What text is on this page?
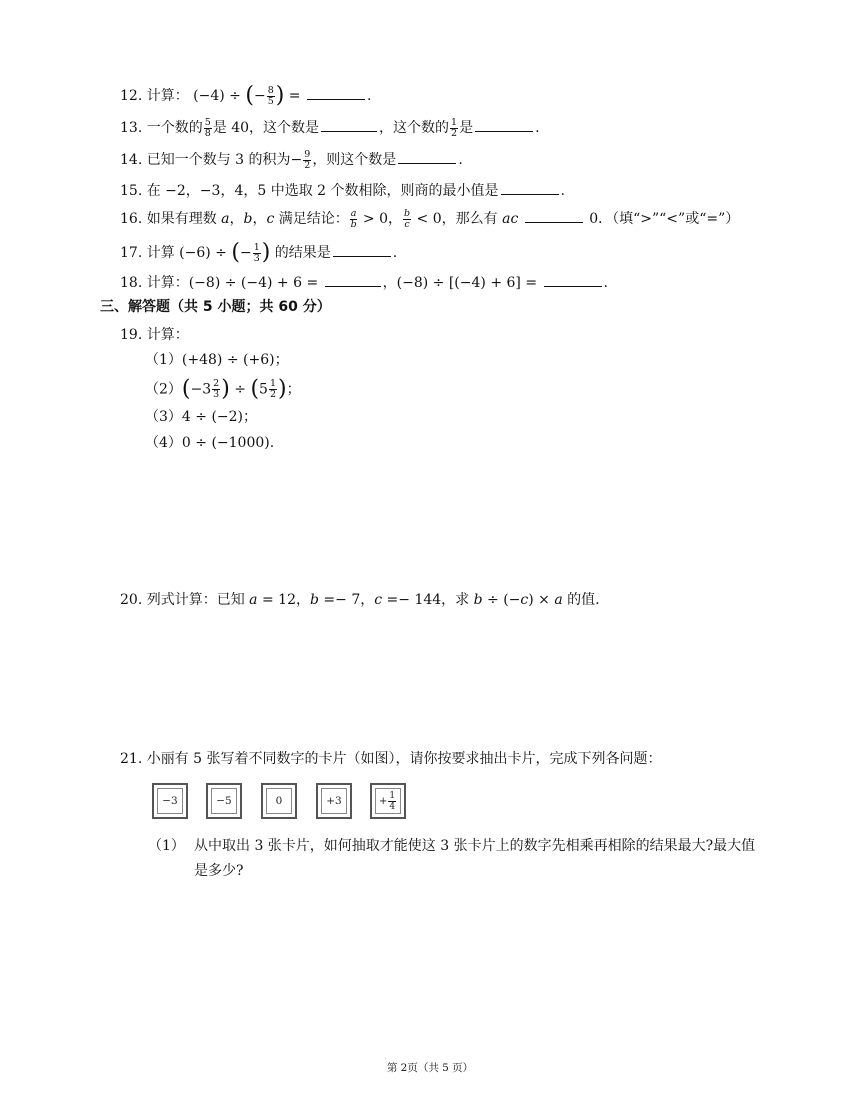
12. 计算： (−4) ÷ (− $\frac{8}{5}$ ) =	.
13. 一个数的 $\frac{5}{8}$ 是 40，这个数是	，这个数的 $\frac{1}{2}$ 是	.
14. 已知一个数与 3 的积为− $\frac{9}{2}$ ，则这个数是	.
15. 在 −2，−3，4，5 中选取 2 个数相除，则商的最小值是	.
16. 如果有理数 a，b，c 满足结论： $\frac{a}{b} > 0$， $\frac{b}{c} < 0$，那么有 ac	0．（填“>”“<”或“=”）
17. 计算 (−6) ÷ (− $\frac{1}{3}$ ) 的结果是	.
18. 计算：(−8) ÷ (−4) + 6 =	，(−8) ÷ [(−4) + 6] =	.
三、解答题（共 5 小题；共 60 分）
19. 计算：
（1）(+48) ÷ (+6)；
$(2)(-3 \frac{2}{3}$ ) ÷ ($5 \frac{1}{2}$ )；
（3）4 ÷ (−2)；
（4）0 ÷ (−1000).
20. 列式计算：已知 a = 12，b =− 7，c =− 144，求 b ÷ (−c) × a 的值.
21. 小丽有 5 张写着不同数字的卡片（如图），请你按要求抽出卡片，完成下列各问题：
−3	−5	0	+3	+ $\frac{1}{4}$
（1） 从中取出 3 张卡片，如何抽取才能使这 3 张卡片上的数字先相乘再相除的结果最大?最大值是多少?
第 2页（共 5 页）
